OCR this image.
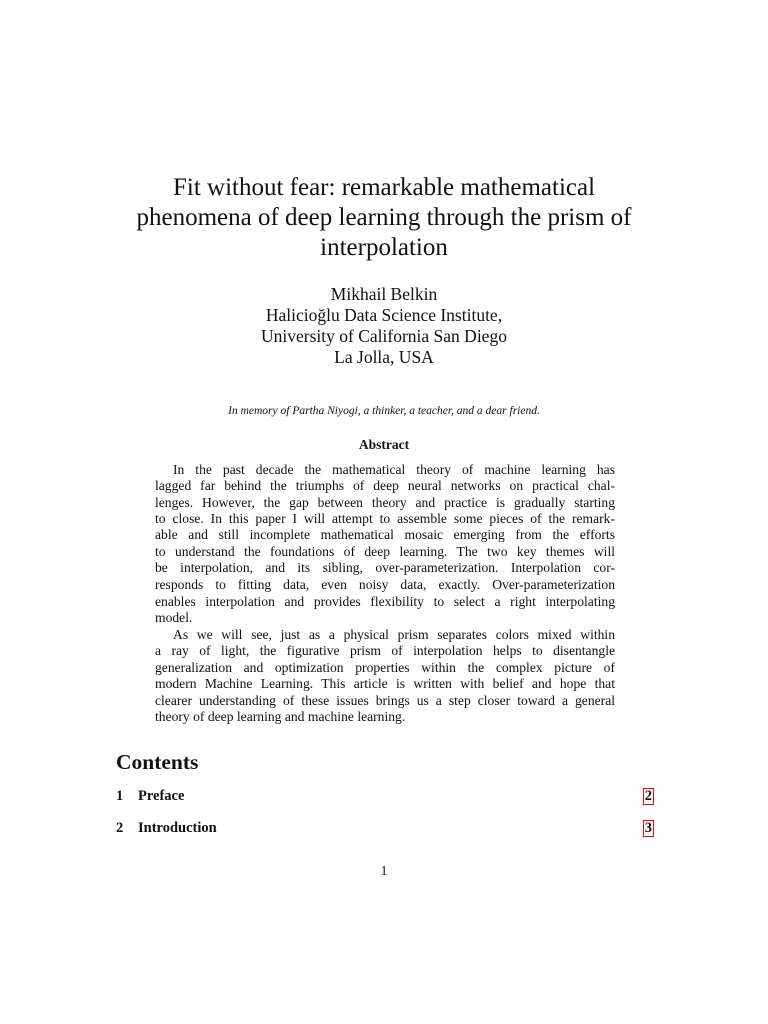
Fit without fear: remarkable mathematical
phenomena of deep learning through the prism of
interpolation
Mikhail Belkin
Halicioğlu Data Science Institute,
University of California San Diego
La Jolla, USA
In memory of Partha Niyogi, a thinker, a teacher, and a dear friend.
Abstract
In the past decade the mathematical theory of machine learning has
lagged far behind the triumphs of deep neural networks on practical chal-
lenges. However, the gap between theory and practice is gradually starting
to close. In this paper I will attempt to assemble some pieces of the remark-
able and still incomplete mathematical mosaic emerging from the efforts
to understand the foundations of deep learning. The two key themes will
be interpolation, and its sibling, over-parameterization. Interpolation cor-
responds to fitting data, even noisy data, exactly. Over-parameterization
enables interpolation and provides flexibility to select a right interpolating
model.
As we will see, just as a physical prism separates colors mixed within
a ray of light, the figurative prism of interpolation helps to disentangle
generalization and optimization properties within the complex picture of
modern Machine Learning. This article is written with belief and hope that
clearer understanding of these issues brings us a step closer toward a general
theory of deep learning and machine learning.
Contents
1	Preface	2
2	Introduction	3
1
